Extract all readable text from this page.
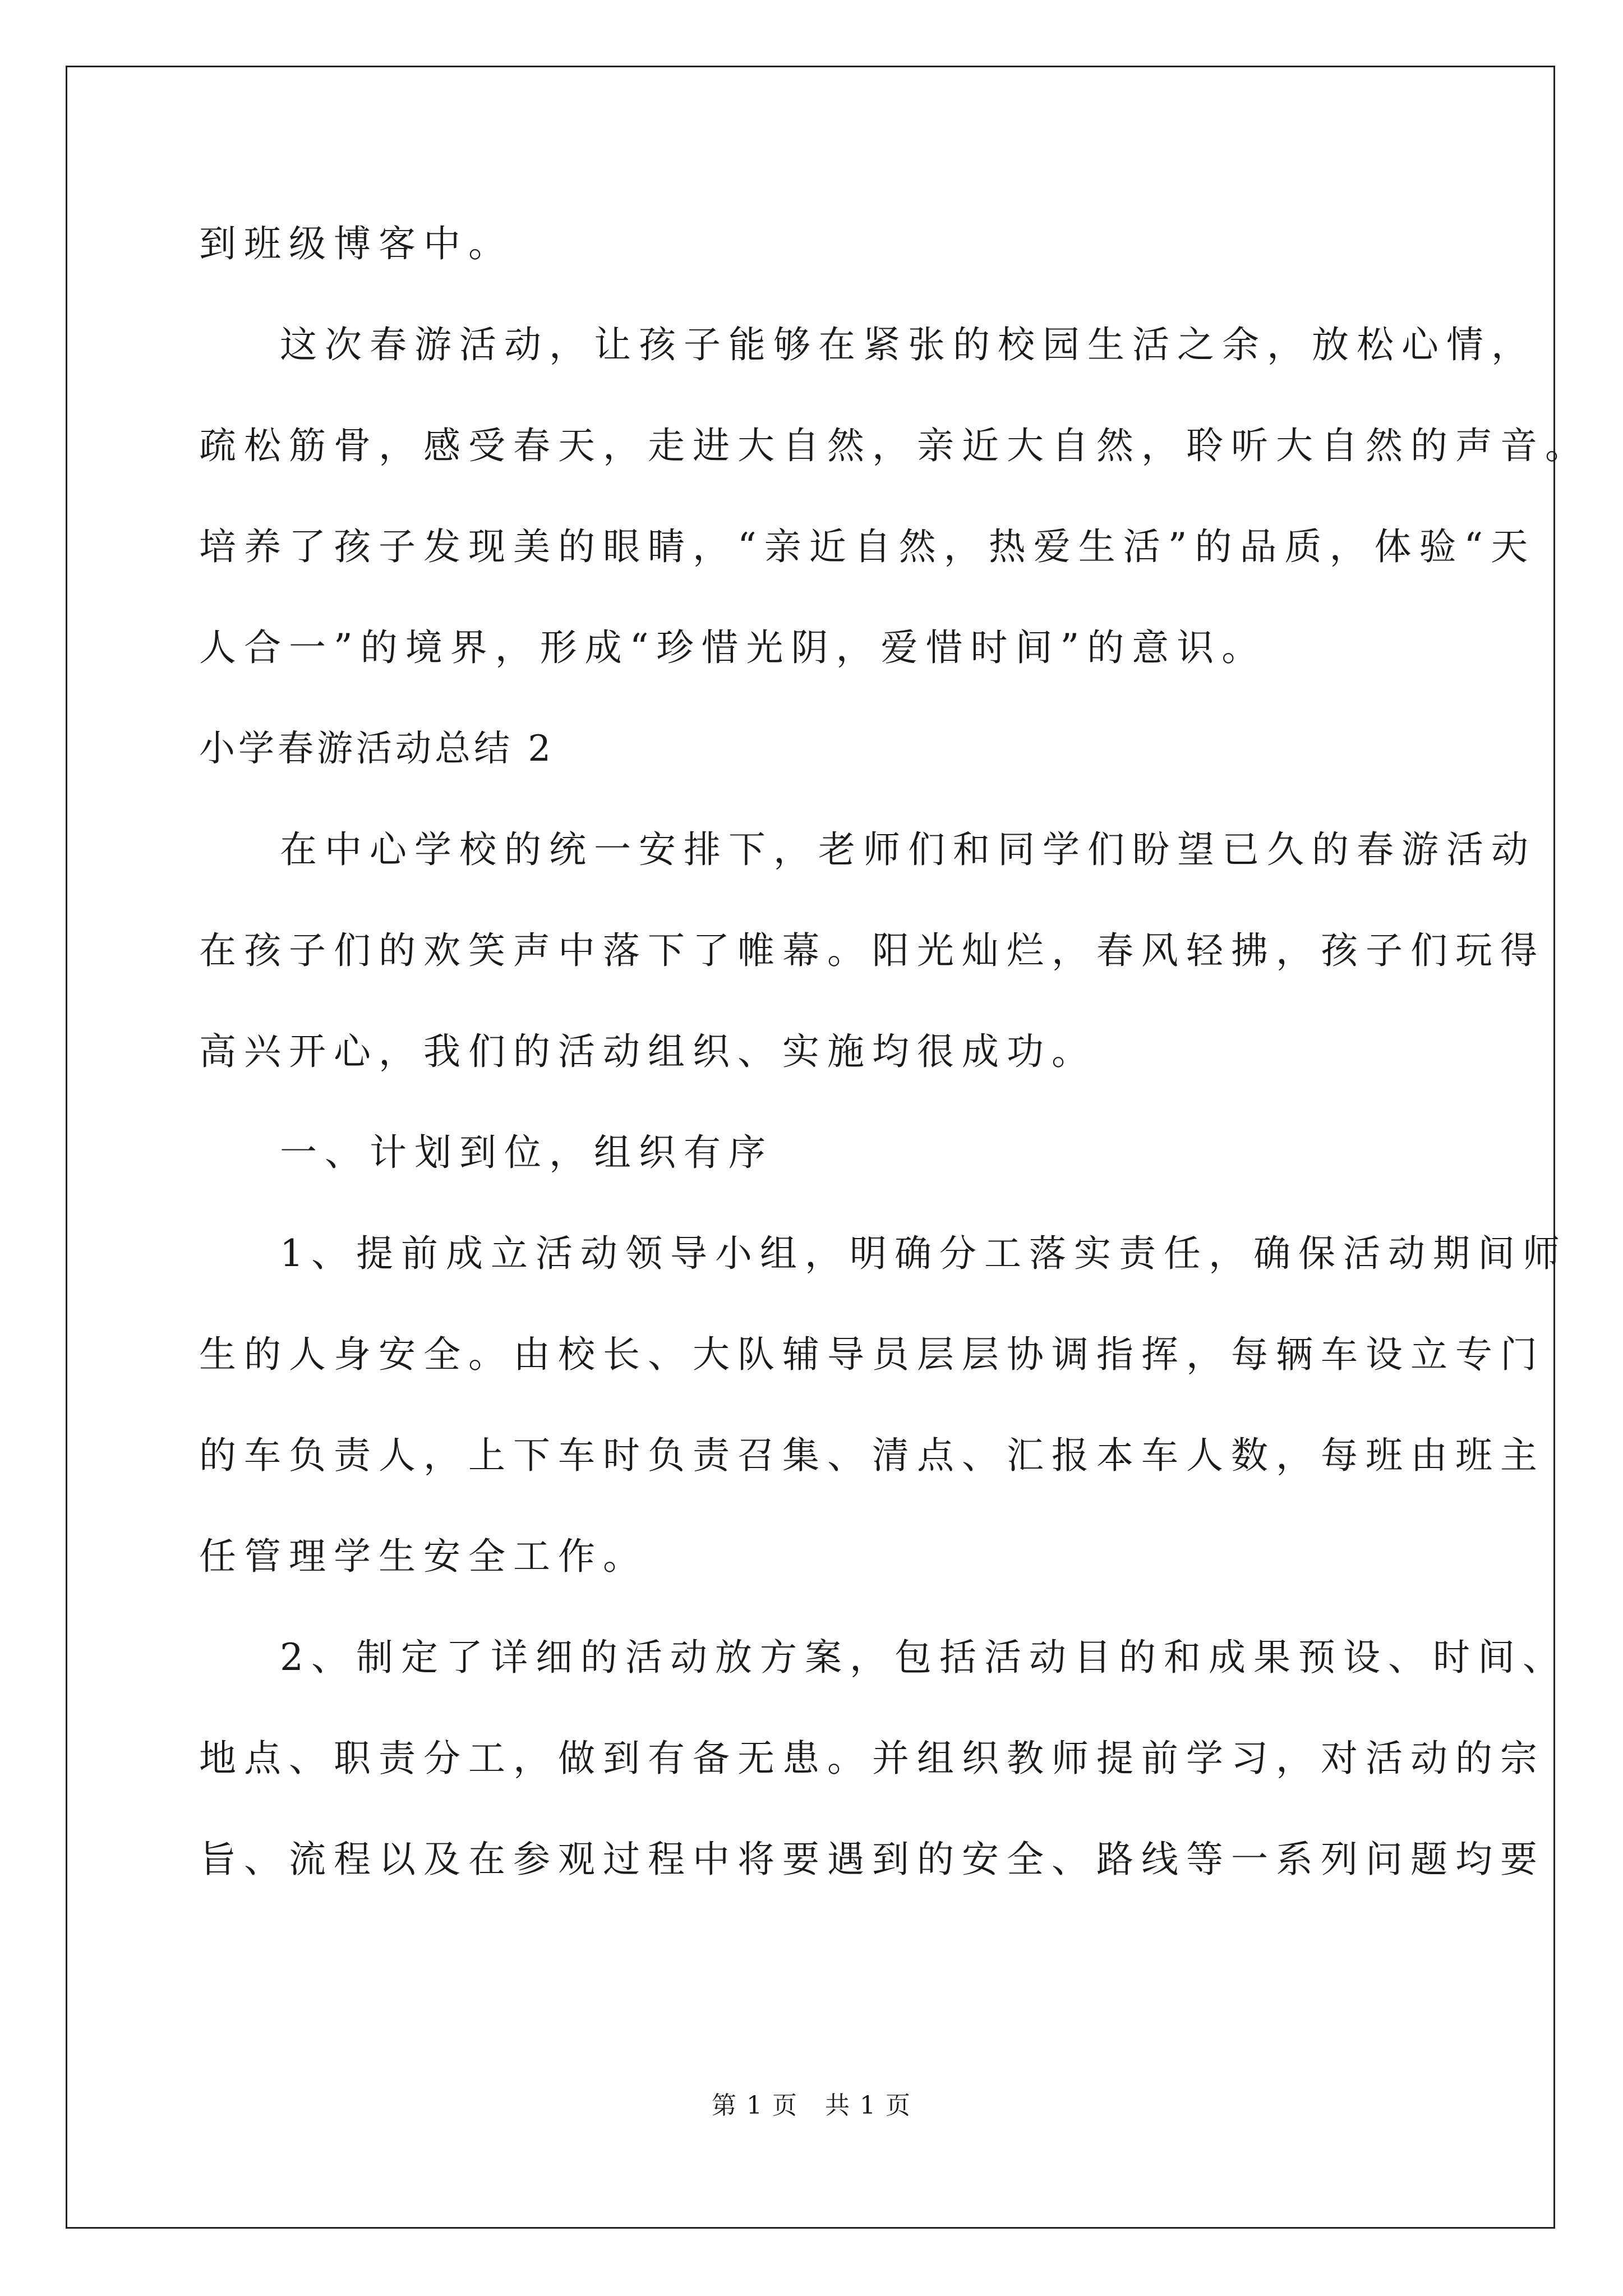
到班级博客中。
这次春游活动，让孩子能够在紧张的校园生活之余，放松心情，
疏松筋骨，感受春天，走进大自然，亲近大自然，聆听大自然的声音。
培养了孩子发现美的眼睛，“亲近自然，热爱生活”的品质，体验“天
人合一”的境界，形成“珍惜光阴，爱惜时间”的意识。
小学春游活动总结 2
在中心学校的统一安排下，老师们和同学们盼望已久的春游活动
在孩子们的欢笑声中落下了帷幕。阳光灿烂，春风轻拂，孩子们玩得
高兴开心，我们的活动组织、实施均很成功。
一、计划到位，组织有序
1、提前成立活动领导小组，明确分工落实责任，确保活动期间师
生的人身安全。由校长、大队辅导员层层协调指挥，每辆车设立专门
的车负责人，上下车时负责召集、清点、汇报本车人数，每班由班主
任管理学生安全工作。
2、制定了详细的活动放方案，包括活动目的和成果预设、时间、
地点、职责分工，做到有备无患。并组织教师提前学习，对活动的宗
旨、流程以及在参观过程中将要遇到的安全、路线等一系列问题均要
第 1 页 共 1 页
